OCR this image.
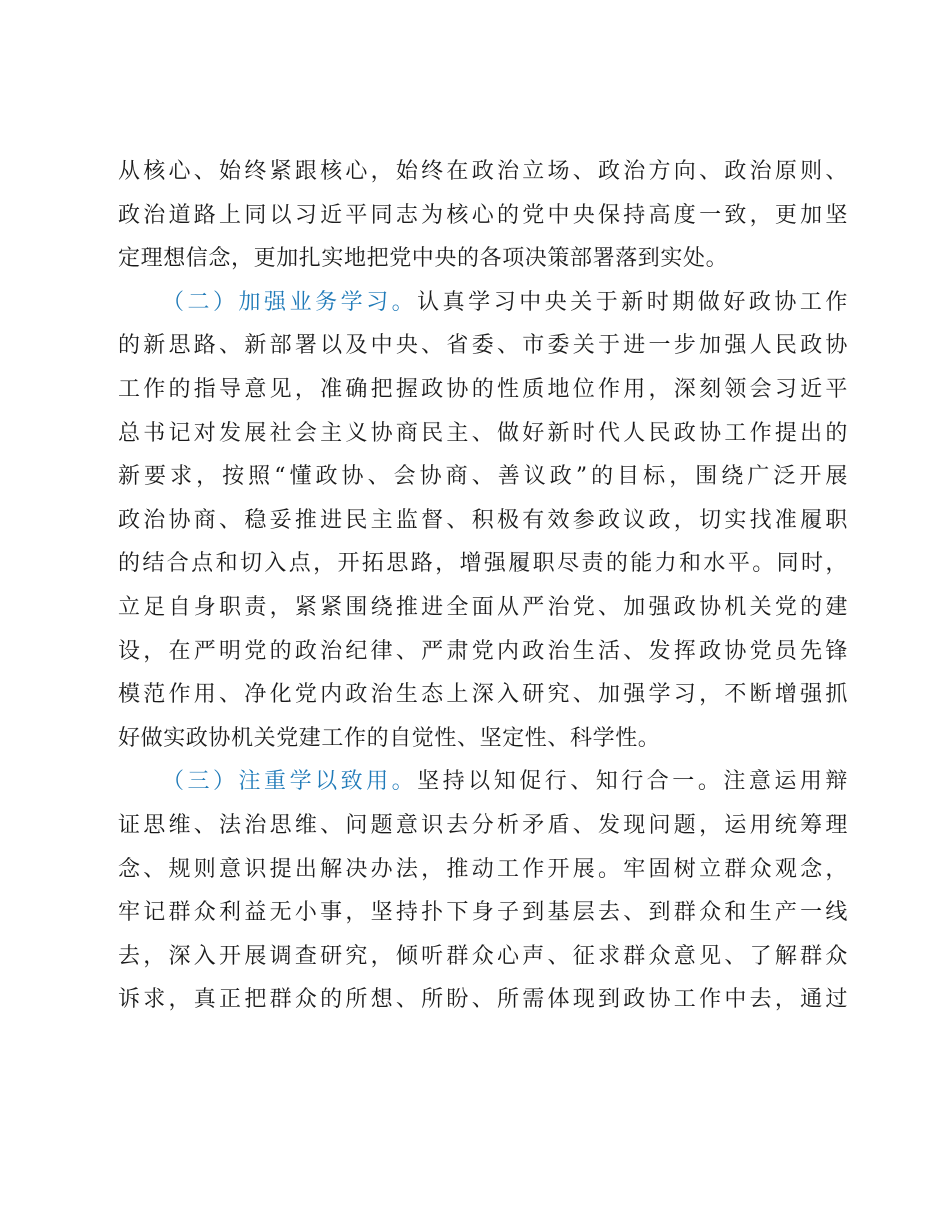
从核心、始终紧跟核心，始终在政治立场、政治方向、政治原则、
政治道路上同以习近平同志为核心的党中央保持高度一致，更加坚
定理想信念，更加扎实地把党中央的各项决策部署落到实处。
（二）加强业务学习。认真学习中央关于新时期做好政协工作
的新思路、新部署以及中央、省委、市委关于进一步加强人民政协
工作的指导意见，准确把握政协的性质地位作用，深刻领会习近平
总书记对发展社会主义协商民主、做好新时代人民政协工作提出的
新要求，按照“懂政协、会协商、善议政”的目标，围绕广泛开展
政治协商、稳妥推进民主监督、积极有效参政议政，切实找准履职
的结合点和切入点，开拓思路，增强履职尽责的能力和水平。同时，
立足自身职责，紧紧围绕推进全面从严治党、加强政协机关党的建
设，在严明党的政治纪律、严肃党内政治生活、发挥政协党员先锋
模范作用、净化党内政治生态上深入研究、加强学习，不断增强抓
好做实政协机关党建工作的自觉性、坚定性、科学性。
（三）注重学以致用。坚持以知促行、知行合一。注意运用辩
证思维、法治思维、问题意识去分析矛盾、发现问题，运用统筹理
念、规则意识提出解决办法，推动工作开展。牢固树立群众观念，
牢记群众利益无小事，坚持扑下身子到基层去、到群众和生产一线
去，深入开展调查研究，倾听群众心声、征求群众意见、了解群众
诉求，真正把群众的所想、所盼、所需体现到政协工作中去，通过
